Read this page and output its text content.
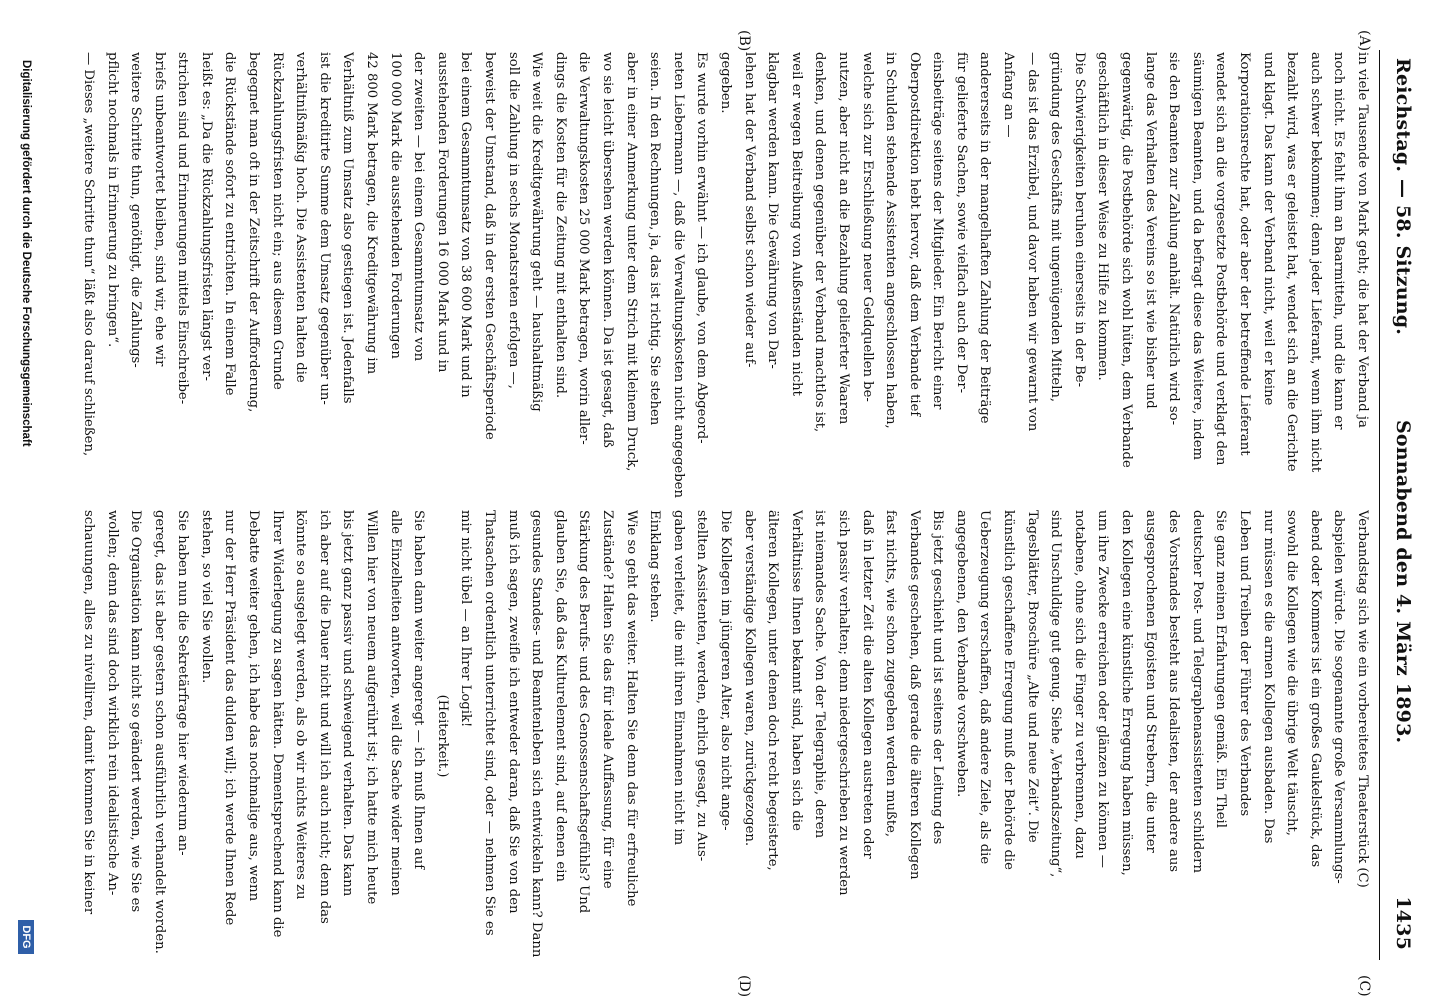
Reichstag. — 58. Sitzung.
Sonnabend den 4. März 1893.
1435
(A)
(B)
(C)
(D)
in viele Tausende von Mark geht; die hat der Verband ja
noch nicht. Es fehlt ihm an Baarmitteln, und die kann er
auch schwer bekommen; denn jeder Lieferant, wenn ihm nicht
bezahlt wird, was er geleistet hat, wendet sich an die Gerichte
und klagt. Das kann der Verband nicht, weil er keine
Korporationsrechte hat, oder aber der betreffende Lieferant
wendet sich an die vorgesetzte Postbehörde und verklagt den
säumigen Beamten, und da befragt diese das Weitere, indem
sie den Beamten zur Zahlung anhält. Natürlich wird so-
lange das Verhalten des Vereins so ist wie bisher und
gegenwärtig, die Postbehörde sich wohl hüten, dem Verbande
geschäftlich in dieser Weise zu Hilfe zu kommen.
Die Schwierigkeiten beruhen einerseits in der Be-
gründung des Geschäfts mit ungenügenden Mitteln,
— das ist das Erzübel, und davor haben wir gewarnt von
Anfang an —
andererseits in der mangelhaften Zahlung der Beiträge
für gelieferte Sachen, sowie vielfach auch der Der-
einsbeiträge seitens der Mitglieder. Ein Bericht einer
Oberpostdirektion hebt hervor, daß dem Verbande tief
in Schulden stehende Assistenten angeschlossen haben,
welche sich zur Erschließung neuer Geldquellen be-
nutzen, aber nicht an die Bezahlung gelieferter Waaren
denken, und denen gegenüber der Verband machtlos ist,
weil er wegen Beitreibung von Außenständen nicht
klagbar werden kann. Die Gewährung von Dar-
lehen hat der Verband selbst schon wieder auf-
gegeben.
Es wurde vorhin erwähnt — ich glaube, von dem Abgeord-
neten Liebermann —, daß die Verwaltungskosten nicht angegeben
seien. In den Rechnungen, ja, das ist richtig. Sie stehen
aber in einer Anmerkung unter dem Strich mit kleinem Druck,
wo sie leicht übersehen werden können. Da ist gesagt, daß
die Verwaltungskosten 25 000 Mark betragen, worin aller-
dings die Kosten für die Zeitung mit enthalten sind.
Wie weit die Kreditgewährung geht — haushaltmäßig
soll die Zahlung in sechs Monatsraten erfolgen —,
beweist der Umstand, daß in der ersten Geschäftsperiode
bei einem Gesammtumsatz von 38 600 Mark und in
ausstehenden Forderungen 16 000 Mark und in
der zweiten — bei einem Gesammtumsatz von
100 000 Mark die ausstehenden Forderungen
42 800 Mark betragen, die Kreditgewährung im
Verhältniß zum Umsatz also gestiegen ist. Jedenfalls
ist die kreditirte Summe dem Umsatz gegenüber un-
verhältnißmäßig hoch. Die Assistenten halten die
Rückzahlungsfristen nicht ein; aus diesem Grunde
begegnet man oft in der Zeitschrift der Aufforderung,
die Rückstände sofort zu entrichten. In einem Falle
heißt es: „Da die Rückzahlungsfristen längst ver-
strichen sind und Erinnerungen mittels Einschreibe-
briefs unbeantwortet bleiben, sind wir, ehe wir
weitere Schritte thun, genöthigt, die Zahlungs-
pflicht nochmals in Erinnerung zu bringen“.
— Dieses „weitere Schritte thun“ läßt also darauf schließen,
Verbandstag sich wie ein vorbereitetes Theaterstück (C)
abspielen würde. Die sogenannte große Versammlungs-
abend oder Kommers ist ein großes Gaukelstück, das
sowohl die Kollegen wie die übrige Welt täuscht,
nur müssen es die armen Kollegen ausbaden. Das
Leben und Treiben der Führer des Verbandes
Sie ganz meinen Erfahrungen gemäß. Ein Theil
deutscher Post- und Telegraphenassistenten schildern
des Vorstandes besteht aus Idealisten, der andere aus
ausgesprochenen Egoisten und Strebern, die unter
den Kollegen eine künstliche Erregung haben müssen,
um ihre Zwecke erreichen oder glänzen zu können —
notabene, ohne sich die Finger zu verbrennen, dazu
sind Unschuldige gut genug. Siehe „Verbandszeitung“,
Tagesblätter, Broschüre „Alte und neue Zeit“. Die
künstlich geschaffene Erregung muß der Behörde die
Ueberzeugung verschaffen, daß andere Ziele, als die
angegebenen, den Verbande vorschweben.
Bis jetzt geschieht und ist seitens der Leitung des
Verbandes geschehen, daß gerade die älteren Kollegen
fast nichts, wie schon zugegeben werden mußte,
daß in letzter Zeit die alten Kollegen austreten oder
sich passiv verhalten; denn niedergeschrieben zu werden
ist niemandes Sache. Von der Telegraphie, deren
Verhältnisse Ihnen bekannt sind, haben sich die
älteren Kollegen, unter denen doch recht begeisterte,
aber verständige Kollegen waren, zurückgezogen.
Die Kollegen im jüngeren Alter, also nicht ange-
stellten Assistenten, werden, ehrlich gesagt, zu Aus-
gaben verleitet, die mit ihren Einnahmen nicht im
Einklang stehen.
Wie so geht das weiter. Halten Sie denn das für erfreuliche
Zustände? Halten Sie das für ideale Auffassung, für eine
Stärkung des Berufs- und des Genossenschaftsgefühls? Und
glauben Sie, daß das Kulturelement sind, auf denen ein
gesundes Standes- und Beamtenleben sich entwickeln kann? Dann
muß ich sagen, zweifle ich entweder daran, daß Sie von den
Thatsachen ordentlich unterrichtet sind, oder — nehmen Sie es
mir nicht übel — an Ihrer Logik!
(Heiterkeit.)
Sie haben dann weiter angeregt — ich muß Ihnen auf
alle Einzelheiten antworten, weil die Sache wider meinen
Willen hier von neuem aufgerührt ist; ich hatte mich heute
bis jetzt ganz passiv und schweigend verhalten. Das kann
ich aber auf die Dauer nicht und will ich auch nicht; denn das
könnte so ausgelegt werden, als ob wir nichts Weiteres zu
Ihrer Widerlegung zu sagen hätten. Dementsprechend kann die
Debatte weiter gehen, ich habe das nochmalige aus, wenn
nur der Herr Präsident das dulden will; ich werde Ihnen Rede
stehen, so viel Sie wollen.
Sie haben nun die Sekretärfrage hier wiederum an-
geregt, das ist aber gestern schon ausführlich verhandelt worden.
Die Organisation kann nicht so geändert werden, wie Sie es
wollen; denn das sind doch wirklich rein idealistische An-
schauungen, alles zu nivelliren, damit kommen Sie in keiner
Digitalisierung gefördert durch die Deutsche Forschungsgemeinschaft
DFG
